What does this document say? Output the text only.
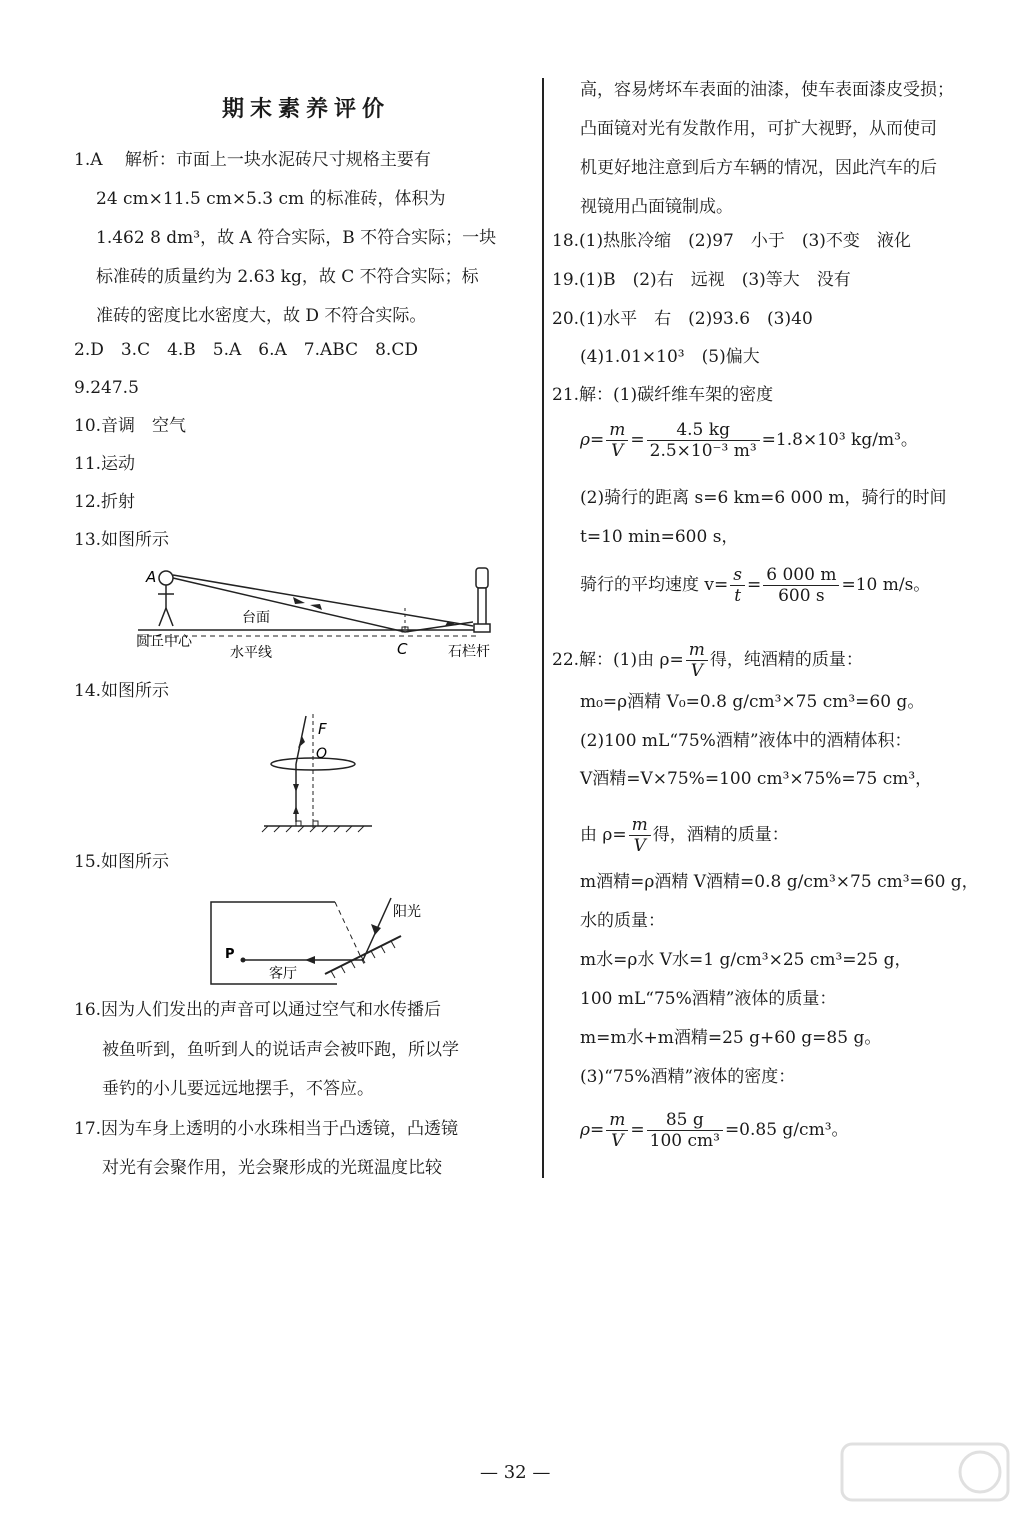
期末素养评价
1.A　 解析：市面上一块水泥砖尺寸规格主要有
24 cm×11.5 cm×5.3 cm 的标准砖，体积为
1.462 8 dm³，故 A 符合实际，B 不符合实际；一块
标准砖的质量约为 2.63 kg，故 C 不符合实际；标
准砖的密度比水密度大，故 D 不符合实际。
2.D　3.C　4.B　5.A　6.A　7.ABC　8.CD
9.247.5
10.音调　空气
11.运动
12.折射
13.如图所示
A
台面
圆丘中心	C
水平线	石栏杆
14.如图所示
F
O
15.如图所示
P
阳光
客厅
16.因为人们发出的声音可以通过空气和水传播后
被鱼听到，鱼听到人的说话声会被吓跑，所以学
垂钓的小儿要远远地摆手，不答应。
17.因为车身上透明的小水珠相当于凸透镜，凸透镜
对光有会聚作用，光会聚形成的光斑温度比较
高，容易烤坏车表面的油漆，使车表面漆皮受损；
凸面镜对光有发散作用，可扩大视野，从而使司
机更好地注意到后方车辆的情况，因此汽车的后
视镜用凸面镜制成。
18.(1)热胀冷缩　(2)97　小于　(3)不变　液化
19.(1)B　(2)右　远视　(3)等大　没有
20.(1)水平　右　(2)93.6　(3)40
(4)1.01×10³　(5)偏大
21.解：(1)碳纤维车架的密度
$\rho= \frac{m}{V} = \frac{4.5 kg}{\text{2.5×10⁻³ m³}} =1.8\times 10^3$ kg/m³。
(2)骑行的距离 s=6 km=6 000 m，骑行的时间
t=10 min=600 s，
骑行的平均速度 $v= \frac{s}{t} = \frac{6 000 m}{600 s} =10$ m/s。
22.解：(1)由 $\rho= \frac{m}{V}$ 得，纯酒精的质量：
m₀=ρ酒精 V₀=0.8 g/cm³×75 cm³=60 g。
(2)100 mL“75%酒精”液体中的酒精体积：
V酒精=V×75%=100 cm³×75%=75 cm³，
由 $\rho= \frac{m}{V}$ 得，酒精的质量：
m酒精=ρ酒精 V酒精=0.8 g/cm³×75 cm³=60 g，
水的质量：
m水=ρ水 V水=1 g/cm³×25 cm³=25 g，
100 mL“75%酒精”液体的质量：
m=m水+m酒精=25 g+60 g=85 g。
(3)“75%酒精”液体的密度：
$\rho= \frac{m}{V} = \frac{85 g}{\text{100 cm³}} =0.85$ g/cm³。
— 32 —
